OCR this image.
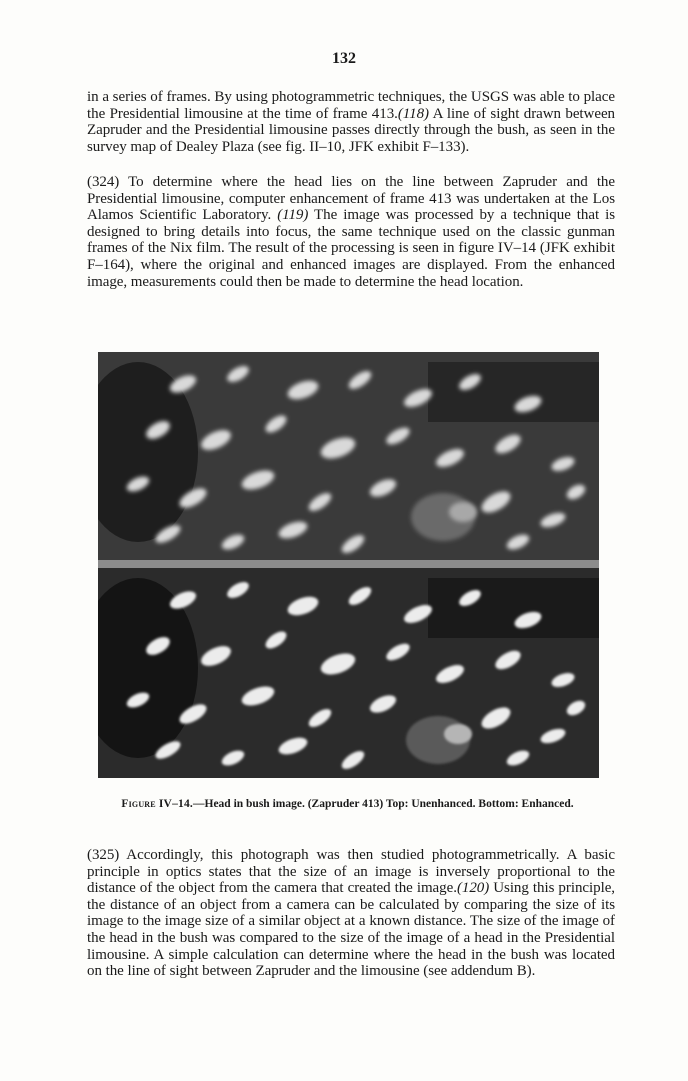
132

in a series of frames. By using photogrammetric techniques, the USGS was able to place the Presidential limousine at the time of frame 413.(118) A line of sight drawn between Zapruder and the Presidential limousine passes directly through the bush, as seen in the survey map of Dealey Plaza (see fig. II–10, JFK exhibit F–133).

(324) To determine where the head lies on the line between Zapruder and the Presidential limousine, computer enhancement of frame 413 was undertaken at the Los Alamos Scientific Laboratory. (119) The image was processed by a technique that is designed to bring details into focus, the same technique used on the classic gunman frames of the Nix film. The result of the processing is seen in figure IV–14 (JFK exhibit F–164), where the original and enhanced images are displayed. From the enhanced image, measurements could then be made to determine the head location.

Figure IV–14.—Head in bush image. (Zapruder 413) Top: Unenhanced. Bottom: Enhanced.

(325) Accordingly, this photograph was then studied photogrammetrically. A basic principle in optics states that the size of an image is inversely proportional to the distance of the object from the camera that created the image.(120) Using this principle, the distance of an object from a camera can be calculated by comparing the size of its image to the image size of a similar object at a known distance. The size of the image of the head in the bush was compared to the size of the image of a head in the Presidential limousine. A simple calculation can determine where the head in the bush was located on the line of sight between Zapruder and the limousine (see addendum B).
